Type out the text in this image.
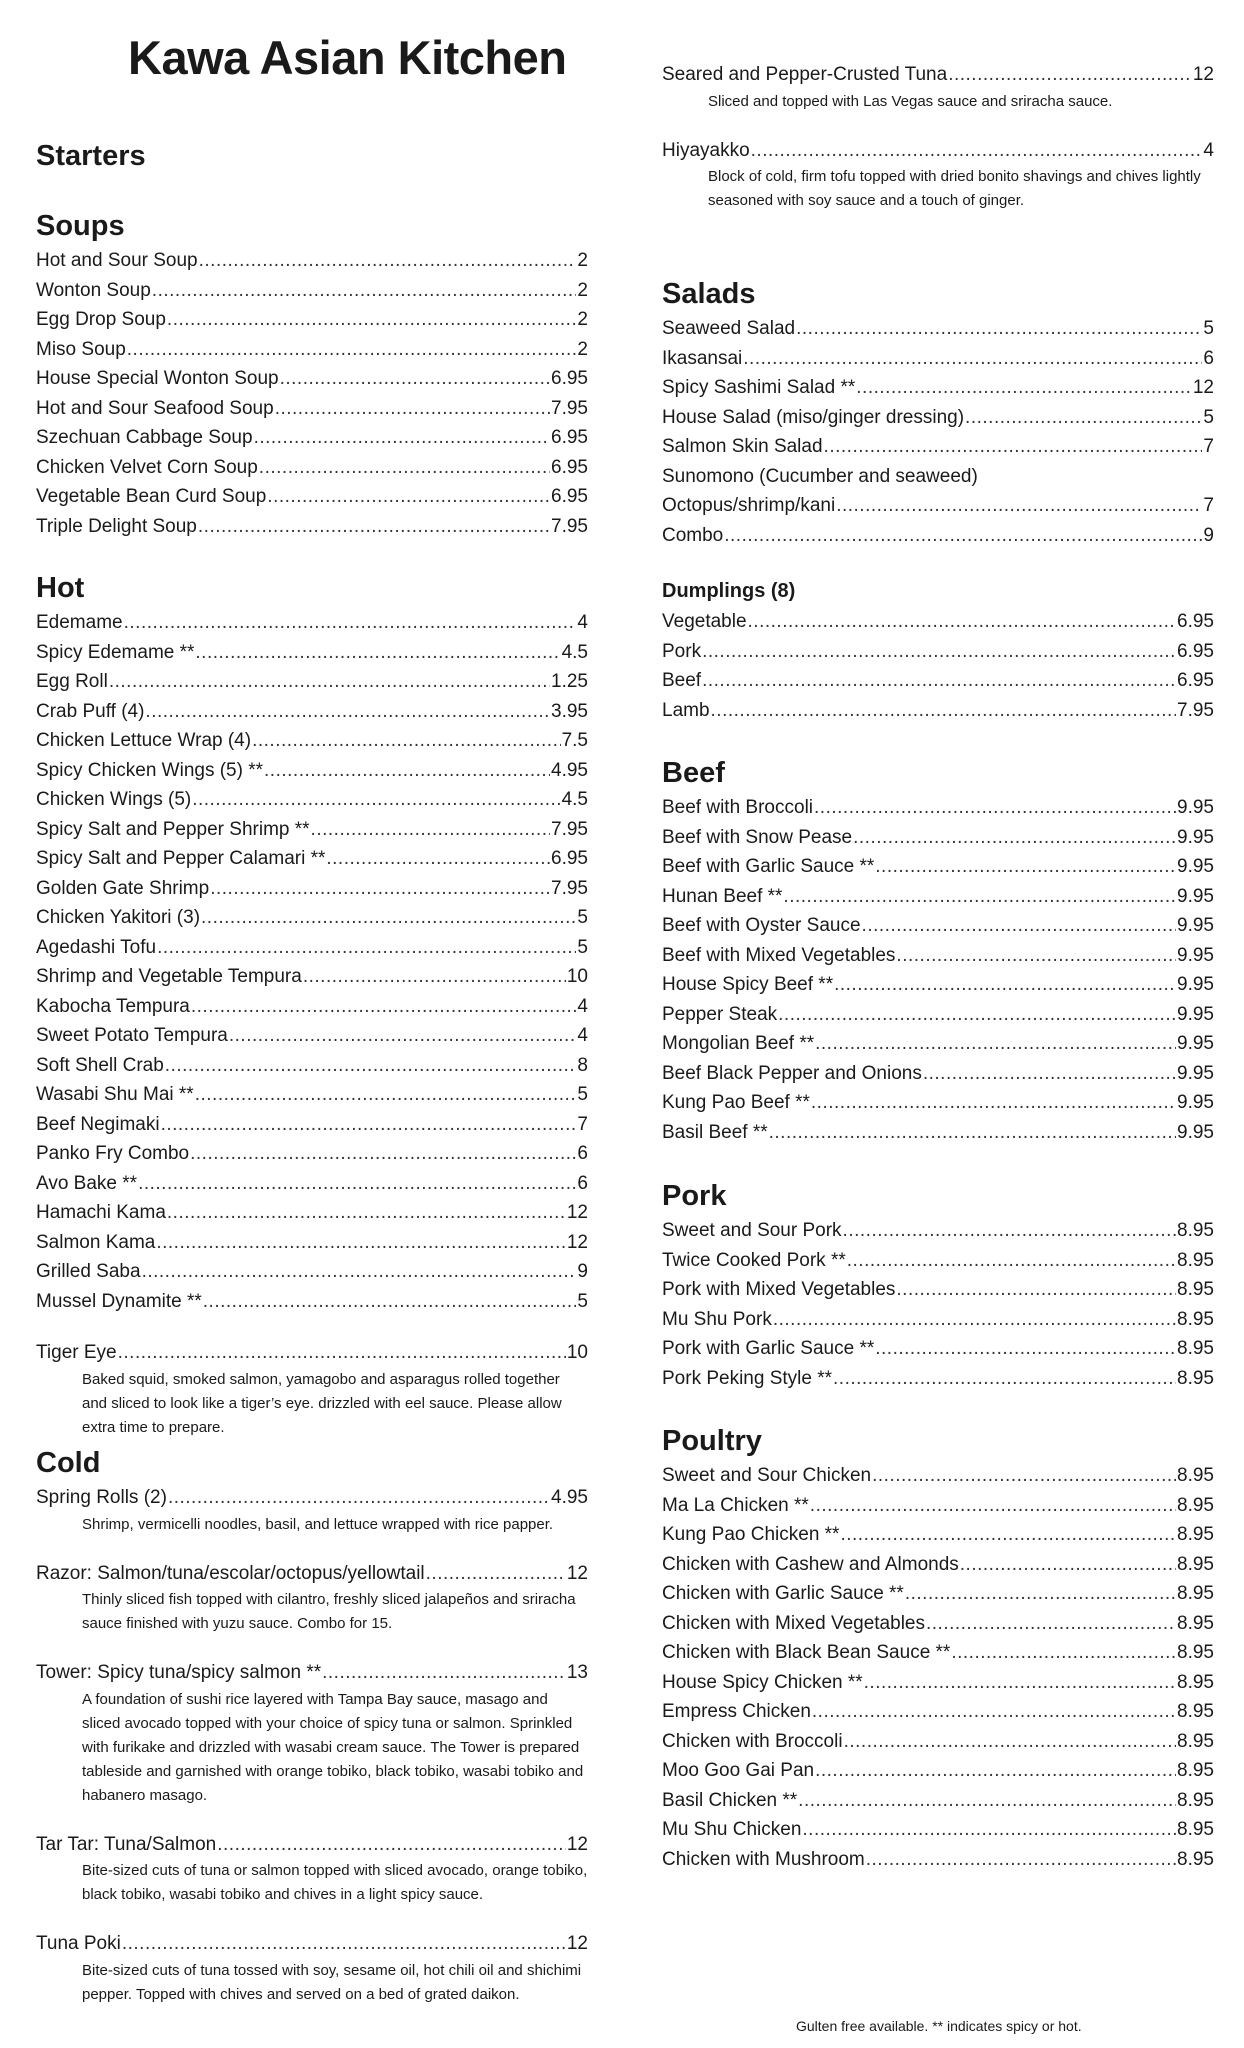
Kawa Asian Kitchen
Starters
Soups
Hot and Sour Soup .....	2
Wonton Soup .....	2
Egg Drop Soup .....	2
Miso Soup .....	2
House Special Wonton Soup .....	6.95
Hot and Sour Seafood Soup .....	7.95
Szechuan Cabbage Soup .....	6.95
Chicken Velvet Corn Soup .....	6.95
Vegetable Bean Curd Soup .....	6.95
Triple Delight Soup .....	7.95
Hot
Edemame .....	4
Spicy Edemame ** .....	4.5
Egg Roll .....	1.25
Crab Puff (4) .....	3.95
Chicken Lettuce Wrap (4) .....	7.5
Spicy Chicken Wings (5) ** .....	4.95
Chicken Wings (5) .....	4.5
Spicy Salt and Pepper Shrimp ** .....	7.95
Spicy Salt and Pepper Calamari ** .....	6.95
Golden Gate Shrimp .....	7.95
Chicken Yakitori (3) .....	5
Agedashi Tofu .....	5
Shrimp and Vegetable Tempura .....	10
Kabocha Tempura .....	4
Sweet Potato Tempura .....	4
Soft Shell Crab .....	8
Wasabi Shu Mai ** .....	5
Beef Negimaki .....	7
Panko Fry Combo .....	6
Avo Bake ** .....	6
Hamachi Kama .....	12
Salmon Kama .....	12
Grilled Saba .....	9
Mussel Dynamite ** .....	5
Tiger Eye .....	10

Baked squid, smoked salmon, yamagobo and asparagus rolled together and sliced to look like a tiger’s eye. drizzled with eel sauce. Please allow extra time to prepare.

Cold
Spring Rolls (2) .....	4.95

Shrimp, vermicelli noodles, basil, and lettuce wrapped with rice papper.

Razor: Salmon/tuna/escolar/octopus/yellowtail .....	12

Thinly sliced fish topped with cilantro, freshly sliced jalapeños and sriracha sauce finished with yuzu sauce. Combo for 15.

Tower: Spicy tuna/spicy salmon ** .....	13

A foundation of sushi rice layered with Tampa Bay sauce, masago and sliced avocado topped with your choice of spicy tuna or salmon. Sprinkled with furikake and drizzled with wasabi cream sauce. The Tower is prepared tableside and garnished with orange tobiko, black tobiko, wasabi tobiko and habanero masago.

Tar Tar: Tuna/Salmon .....	12

Bite-sized cuts of tuna or salmon topped with sliced avocado, orange tobiko, black tobiko, wasabi tobiko and chives in a light spicy sauce.

Tuna Poki .....	12

Bite-sized cuts of tuna tossed with soy, sesame oil, hot chili oil and shichimi pepper. Topped with chives and served on a bed of grated daikon.

Seared and Pepper-Crusted Tuna .....	12

Sliced and topped with Las Vegas sauce and sriracha sauce.

Hiyayakko .....	4

Block of cold, firm tofu topped with dried bonito shavings and chives lightly seasoned with soy sauce and a touch of ginger.

Salads
Seaweed Salad .....	5
Ikasansai .....	6
Spicy Sashimi Salad ** .....	12
House Salad (miso/ginger dressing) .....	5
Salmon Skin Salad .....	7
Sunomono (Cucumber and seaweed)
Octopus/shrimp/kani .....	7
Combo .....	9
Dumplings (8)
Vegetable .....	6.95
Pork .....	6.95
Beef .....	6.95
Lamb .....	7.95
Beef
Beef with Broccoli .....	9.95
Beef with Snow Pease .....	9.95
Beef with Garlic Sauce ** .....	9.95
Hunan Beef ** .....	9.95
Beef with Oyster Sauce .....	9.95
Beef with Mixed Vegetables .....	9.95
House Spicy Beef ** .....	9.95
Pepper Steak .....	9.95
Mongolian Beef ** .....	9.95
Beef Black Pepper and Onions .....	9.95
Kung Pao Beef ** .....	9.95
Basil Beef ** .....	9.95
Pork
Sweet and Sour Pork .....	8.95
Twice Cooked Pork ** .....	8.95
Pork with Mixed Vegetables .....	8.95
Mu Shu Pork .....	8.95
Pork with Garlic Sauce ** .....	8.95
Pork Peking Style ** .....	8.95
Poultry
Sweet and Sour Chicken .....	8.95
Ma La Chicken ** .....	8.95
Kung Pao Chicken ** .....	8.95
Chicken with Cashew and Almonds .....	8.95
Chicken with Garlic Sauce ** .....	8.95
Chicken with Mixed Vegetables .....	8.95
Chicken with Black Bean Sauce ** .....	8.95
House Spicy Chicken ** .....	8.95
Empress Chicken .....	8.95
Chicken with Broccoli .....	8.95
Moo Goo Gai Pan .....	8.95
Basil Chicken ** .....	8.95
Mu Shu Chicken .....	8.95
Chicken with Mushroom .....	8.95

Gulten free available. ** indicates spicy or hot.
